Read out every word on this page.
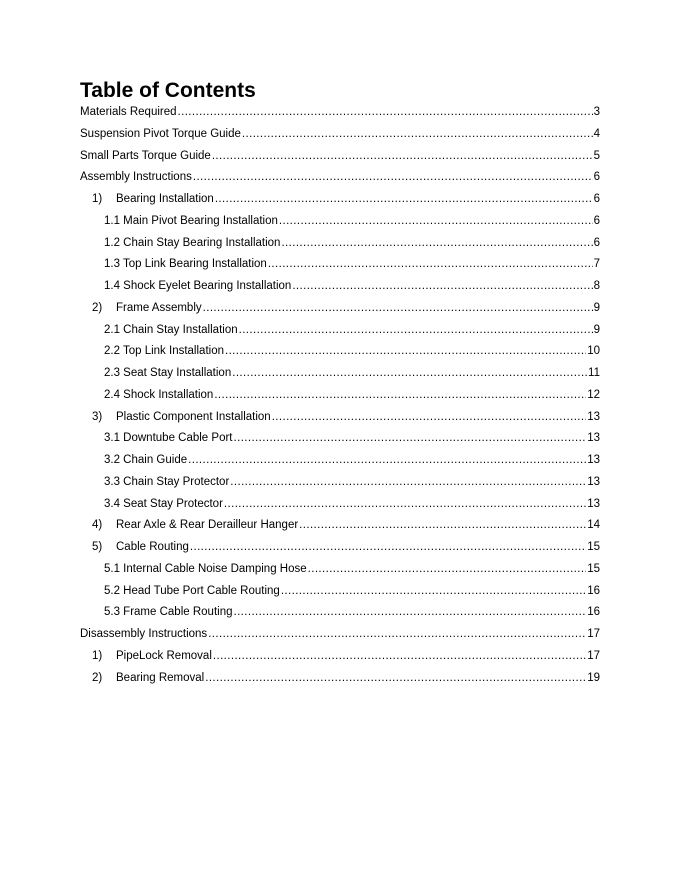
Table of Contents
Materials Required .....	3
Suspension Pivot Torque Guide .....	4
Small Parts Torque Guide .....	5
Assembly Instructions .....	6
1)	Bearing Installation .....	6
1.1 Main Pivot Bearing Installation .....	6
1.2 Chain Stay Bearing Installation .....	6
1.3 Top Link Bearing Installation .....	7
1.4 Shock Eyelet Bearing Installation .....	8
2)	Frame Assembly .....	9
2.1 Chain Stay Installation .....	9
2.2 Top Link Installation .....	10
2.3 Seat Stay Installation .....	11
2.4 Shock Installation .....	12
3)	Plastic Component Installation .....	13
3.1 Downtube Cable Port .....	13
3.2 Chain Guide .....	13
3.3 Chain Stay Protector .....	13
3.4 Seat Stay Protector .....	13
4)	Rear Axle & Rear Derailleur Hanger .....	14
5)	Cable Routing .....	15
5.1 Internal Cable Noise Damping Hose .....	15
5.2 Head Tube Port Cable Routing .....	16
5.3 Frame Cable Routing .....	16
Disassembly Instructions .....	17
1)	PipeLock Removal .....	17
2)	Bearing Removal .....	19
